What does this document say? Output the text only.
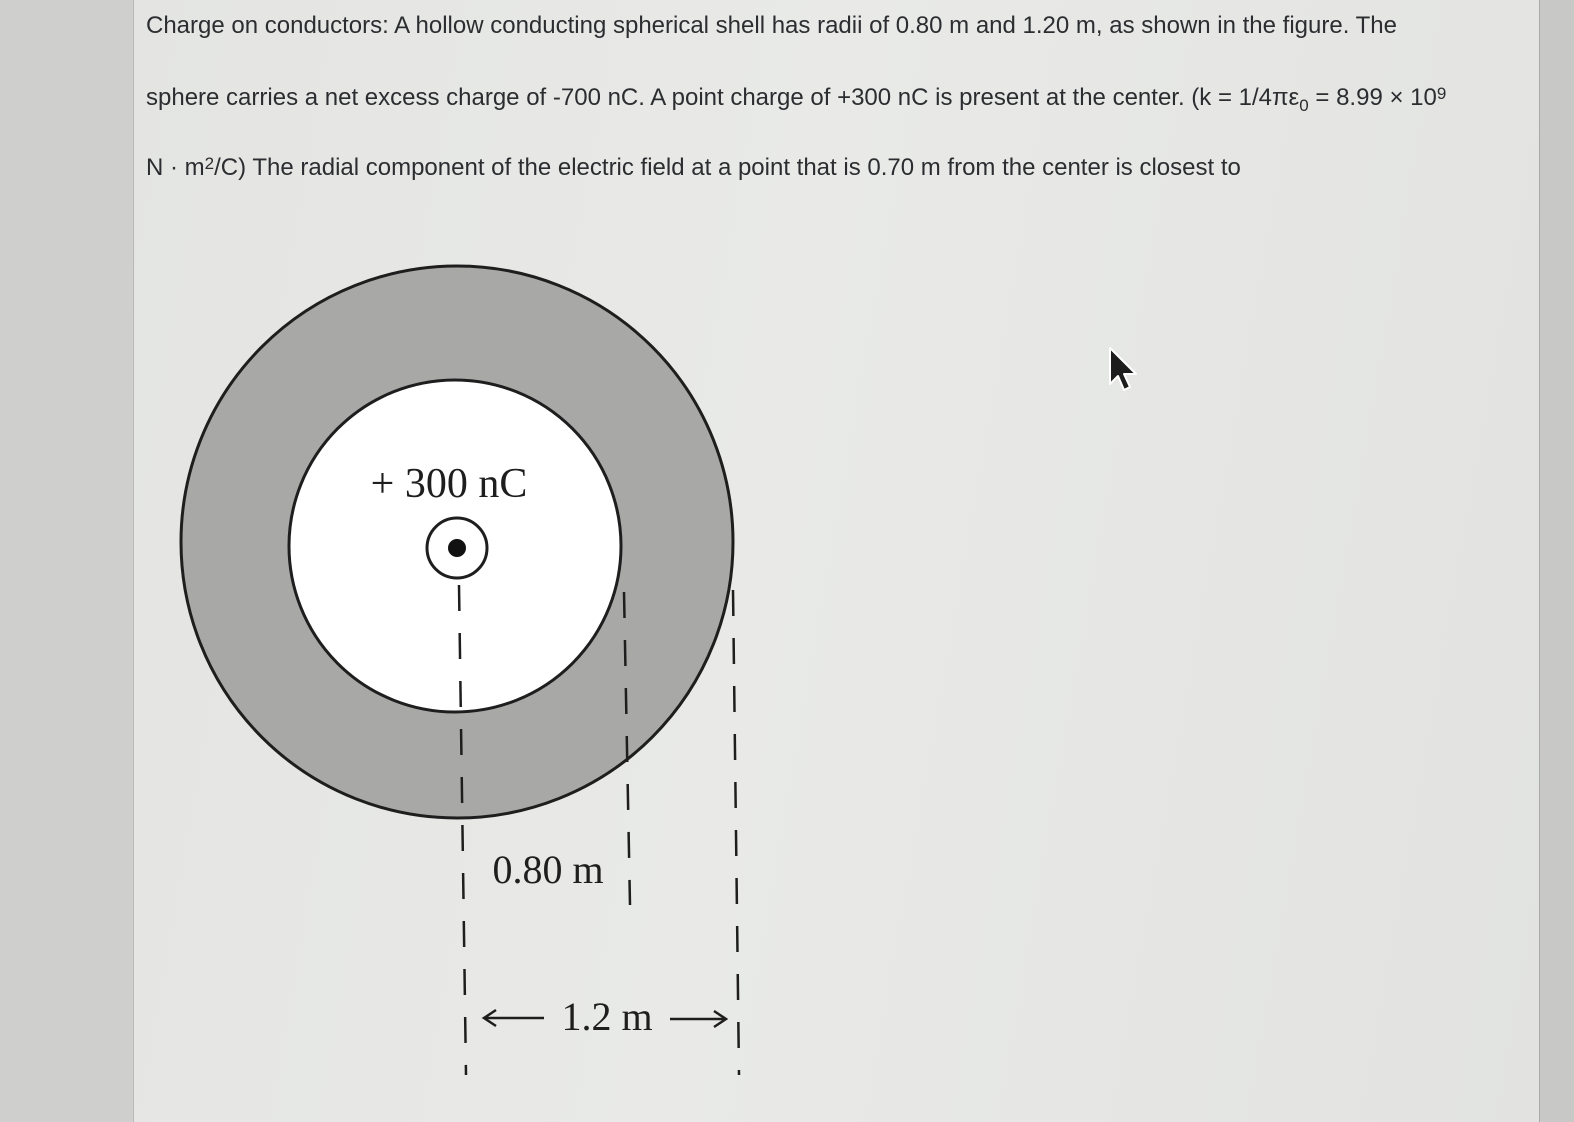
Charge on conductors: A hollow conducting spherical shell has radii of 0.80 m and 1.20 m, as shown in the figure. The
sphere carries a net excess charge of -700 nC. A point charge of +300 nC is present at the center. ($k = 1/4\pi\varepsilon_0 = 8.99 \times 10^9$
$N \cdot m^2/C$) The radial component of the electric field at a point that is 0.70 m from the center is closest to
+ 300 nC
0.80 m
1.2 m
